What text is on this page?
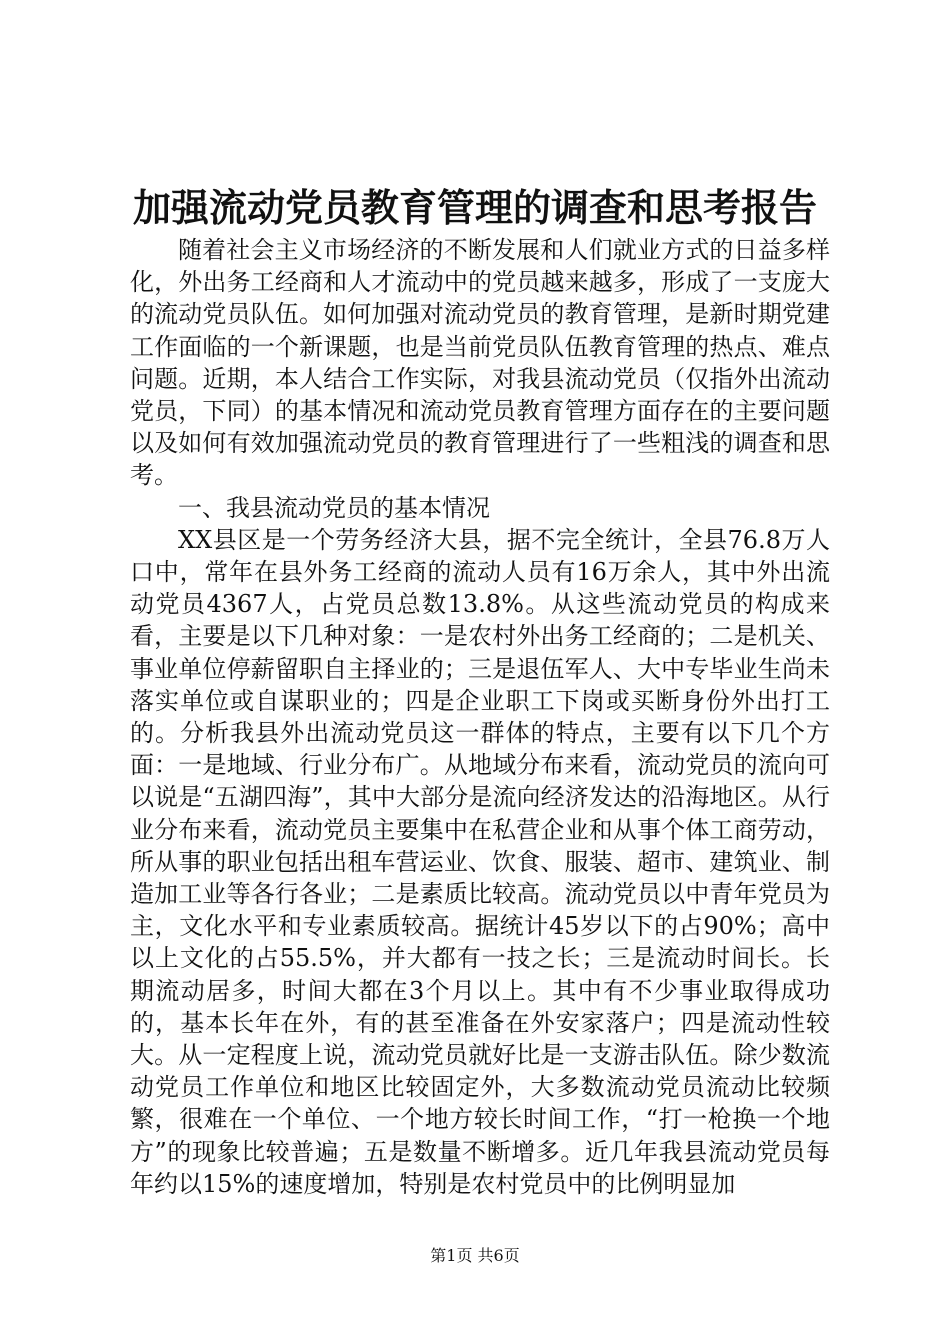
加强流动党员教育管理的调查和思考报告

随着社会主义市场经济的不断发展和人们就业方式的日益多样化，外出务工经商和人才流动中的党员越来越多，形成了一支庞大的流动党员队伍。如何加强对流动党员的教育管理，是新时期党建工作面临的一个新课题，也是当前党员队伍教育管理的热点、难点问题。近期，本人结合工作实际，对我县流动党员（仅指外出流动党员，下同）的基本情况和流动党员教育管理方面存在的主要问题以及如何有效加强流动党员的教育管理进行了一些粗浅的调查和思考。

一、我县流动党员的基本情况

XX县区是一个劳务经济大县，据不完全统计，全县76.8万人口中，常年在县外务工经商的流动人员有16万余人，其中外出流动党员4367人，占党员总数13.8%。从这些流动党员的构成来看，主要是以下几种对象：一是农村外出务工经商的；二是机关、事业单位停薪留职自主择业的；三是退伍军人、大中专毕业生尚未落实单位或自谋职业的；四是企业职工下岗或买断身份外出打工的。分析我县外出流动党员这一群体的特点，主要有以下几个方面：一是地域、行业分布广。从地域分布来看，流动党员的流向可以说是“五湖四海”，其中大部分是流向经济发达的沿海地区。从行业分布来看，流动党员主要集中在私营企业和从事个体工商劳动，所从事的职业包括出租车营运业、饮食、服装、超市、建筑业、制造加工业等各行各业；二是素质比较高。流动党员以中青年党员为主，文化水平和专业素质较高。据统计45岁以下的占90%；高中以上文化的占55.5%，并大都有一技之长；三是流动时间长。长期流动居多，时间大都在3个月以上。其中有不少事业取得成功的，基本长年在外，有的甚至准备在外安家落户；四是流动性较大。从一定程度上说，流动党员就好比是一支游击队伍。除少数流动党员工作单位和地区比较固定外，大多数流动党员流动比较频繁，很难在一个单位、一个地方较长时间工作，“打一枪换一个地方”的现象比较普遍；五是数量不断增多。近几年我县流动党员每年约以15%的速度增加，特别是农村党员中的比例明显加

第1页 共6页
